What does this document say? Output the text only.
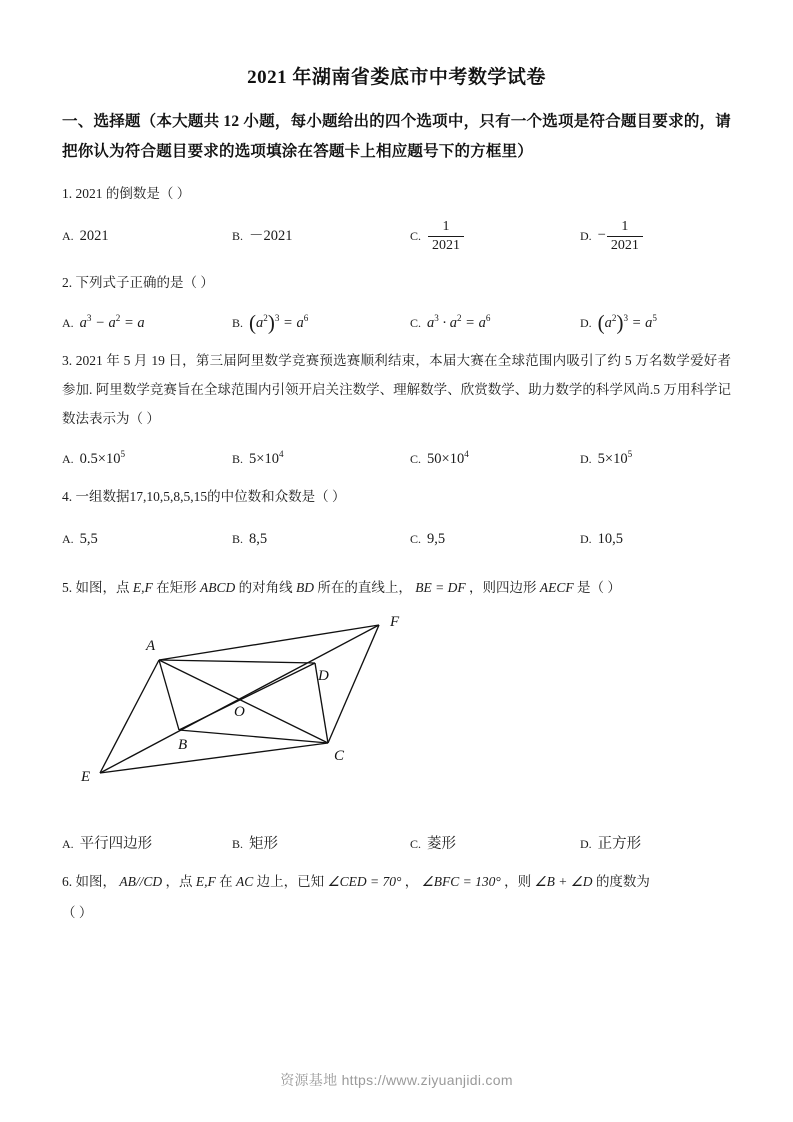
2021 年湖南省娄底市中考数学试卷
一、选择题（本大题共 12 小题，每小题给出的四个选项中，只有一个选项是符合题目要求的，请把你认为符合题目要求的选项填涂在答题卡上相应题号下的方框里）
1. 2021 的倒数是（ ）
A. 2021	B. －2021	C. $\frac{1}{2021}$	D. − $\frac{1}{2021}$
2. 下列式子正确的是（ ）
A. $a^3 - a^2 = a$	B. $(a^2)^3 = a^6$	C. $a^3 \cdot a^2 = a^6$	D. $(a^2)^3 = a^5$
3. 2021 年 5 月 19 日，第三届阿里数学竞赛预选赛顺利结束，本届大赛在全球范围内吸引了约 5 万名数学爱好者参加. 阿里数学竞赛旨在全球范围内引领开启关注数学、理解数学、欣赏数学、助力数学的科学风尚.5 万用科学记数法表示为（ ）
A. $0.5\times 10^5$	B. $5\times 10^4$	C. $50\times 10^4$	D. $5\times 10^5$
4. 一组数据17,10,5,8,5,15的中位数和众数是（ ）
A. 5,5	B. 8,5	C. 9,5	D. 10,5
5. 如图，点 E,F 在矩形 ABCD 的对角线 BD 所在的直线上， BE = DF ，则四边形 AECF 是（ ）
A
B
C
D
E
F
O
A. 平行四边形	B. 矩形	C. 菱形	D. 正方形
6. 如图， AB//CD ，点 E,F 在 AC 边上，已知 ∠CED = 70° ， ∠BFC = 130° ，则 ∠B + ∠D 的度数为
（ ）
资源基地 https://www.ziyuanjidi.com
